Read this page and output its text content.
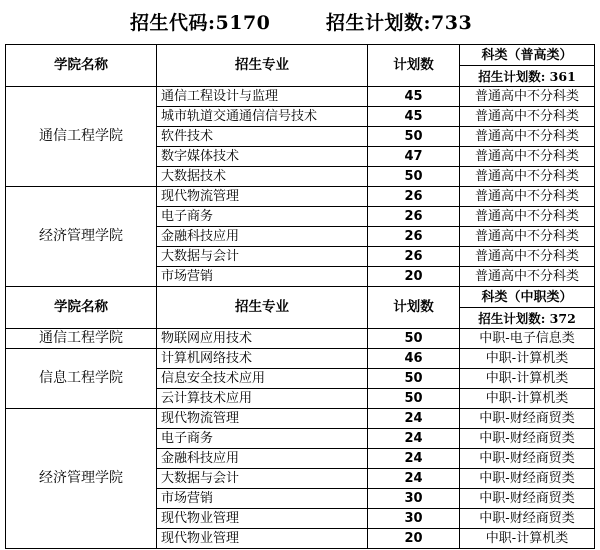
招生代码:5170	招生计划数:733
学院名称	招生专业	计划数	科类（普高类）
			招生计划数: 361
通信工程学院	通信工程设计与监理	45	普通高中不分科类
	城市轨道交通通信信号技术	45	普通高中不分科类
	软件技术	50	普通高中不分科类
	数字媒体技术	47	普通高中不分科类
	大数据技术	50	普通高中不分科类
经济管理学院	现代物流管理	26	普通高中不分科类
	电子商务	26	普通高中不分科类
	金融科技应用	26	普通高中不分科类
	大数据与会计	26	普通高中不分科类
	市场营销	20	普通高中不分科类
学院名称	招生专业	计划数	科类（中职类）
			招生计划数: 372
通信工程学院	物联网应用技术	50	中职-电子信息类
信息工程学院	计算机网络技术	46	中职-计算机类
	信息安全技术应用	50	中职-计算机类
	云计算技术应用	50	中职-计算机类
经济管理学院	现代物流管理	24	中职-财经商贸类
	电子商务	24	中职-财经商贸类
	金融科技应用	24	中职-财经商贸类
	大数据与会计	24	中职-财经商贸类
	市场营销	30	中职-财经商贸类
	现代物业管理	30	中职-财经商贸类
	现代物业管理	20	中职-计算机类
